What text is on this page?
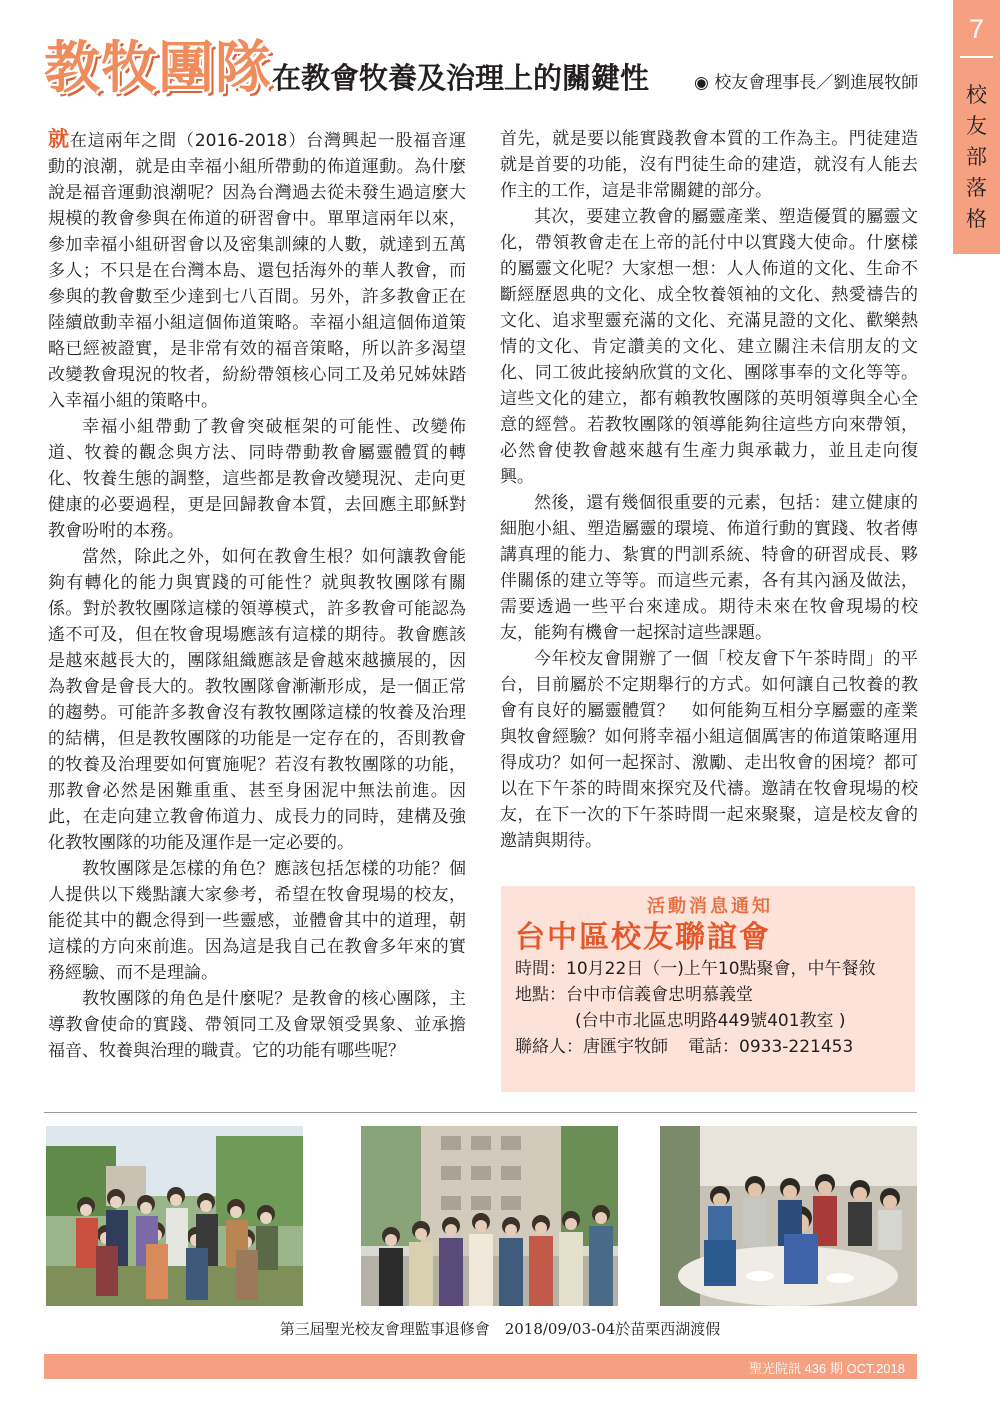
7
校
友
部
落
格
教牧團隊 在教會牧養及治理上的關鍵性	◉ 校友會理事長／劉進展牧師

就在這兩年之間（2016-2018）台灣興起一股福音運動的浪潮，就是由幸福小組所帶動的佈道運動。為什麼說是福音運動浪潮呢？因為台灣過去從未發生過這麼大規模的教會參與在佈道的研習會中。單單這兩年以來，參加幸福小組研習會以及密集訓練的人數，就達到五萬多人；不只是在台灣本島、還包括海外的華人教會，而參與的教會數至少達到七八百間。另外，許多教會正在陸續啟動幸福小組這個佈道策略。幸福小組這個佈道策略已經被證實，是非常有效的福音策略，所以許多渴望改變教會現況的牧者，紛紛帶領核心同工及弟兄姊妹踏入幸福小組的策略中。

幸福小組帶動了教會突破框架的可能性、改變佈道、牧養的觀念與方法、同時帶動教會屬靈體質的轉化、牧養生態的調整，這些都是教會改變現況、走向更健康的必要過程，更是回歸教會本質，去回應主耶穌對教會吩咐的本務。

當然，除此之外，如何在教會生根？如何讓教會能夠有轉化的能力與實踐的可能性？就與教牧團隊有關係。對於教牧團隊這樣的領導模式，許多教會可能認為遙不可及，但在牧會現場應該有這樣的期待。教會應該是越來越長大的，團隊組織應該是會越來越擴展的，因為教會是會長大的。教牧團隊會漸漸形成，是一個正常的趨勢。可能許多教會沒有教牧團隊這樣的牧養及治理的結構，但是教牧團隊的功能是一定存在的，否則教會的牧養及治理要如何實施呢？若沒有教牧團隊的功能，那教會必然是困難重重、甚至身困泥中無法前進。因此，在走向建立教會佈道力、成長力的同時，建構及強化教牧團隊的功能及運作是一定必要的。

教牧團隊是怎樣的角色？應該包括怎樣的功能？個人提供以下幾點讓大家參考，希望在牧會現場的校友，能從其中的觀念得到一些靈感，並體會其中的道理，朝這樣的方向來前進。因為這是我自己在教會多年來的實務經驗、而不是理論。

教牧團隊的角色是什麼呢？是教會的核心團隊，主導教會使命的實踐、帶領同工及會眾領受異象、並承擔福音、牧養與治理的職責。它的功能有哪些呢？

首先，就是要以能實踐教會本質的工作為主。門徒建造就是首要的功能，沒有門徒生命的建造，就沒有人能去作主的工作，這是非常關鍵的部分。

其次，要建立教會的屬靈產業、塑造優質的屬靈文化，帶領教會走在上帝的託付中以實踐大使命。什麼樣的屬靈文化呢？大家想一想：人人佈道的文化、生命不斷經歷恩典的文化、成全牧養領袖的文化、熱愛禱告的文化、追求聖靈充滿的文化、充滿見證的文化、歡樂熱情的文化、肯定讚美的文化、建立關注未信朋友的文化、同工彼此接納欣賞的文化、團隊事奉的文化等等。這些文化的建立，都有賴教牧團隊的英明領導與全心全意的經營。若教牧團隊的領導能夠往這些方向來帶領，必然會使教會越來越有生產力與承載力，並且走向復興。

然後，還有幾個很重要的元素，包括：建立健康的細胞小組、塑造屬靈的環境、佈道行動的實踐、牧者傳講真理的能力、紮實的門訓系統、特會的研習成長、夥伴關係的建立等等。而這些元素，各有其內涵及做法，需要透過一些平台來達成。期待未來在牧會現場的校友，能夠有機會一起探討這些課題。

今年校友會開辦了一個「校友會下午茶時間」的平台，目前屬於不定期舉行的方式。如何讓自己牧養的教會有良好的屬靈體質？　如何能夠互相分享屬靈的產業與牧會經驗？如何將幸福小組這個厲害的佈道策略運用得成功？如何一起探討、激勵、走出牧會的困境？都可以在下午茶的時間來探究及代禱。邀請在牧會現場的校友，在下一次的下午茶時間一起來聚聚，這是校友會的邀請與期待。

活動消息通知
台中區校友聯誼會
時間：10月22日（一)上午10點聚會，中午餐敘
地點：台中市信義會忠明慕義堂
(台中市北區忠明路449號401教室 )
聯絡人：唐匯宇牧師 電話：0933-221453
第三屆聖光校友會理監事退修會　2018/09/03-04於苗栗西湖渡假
聖光院訊 436 期 OCT.2018
